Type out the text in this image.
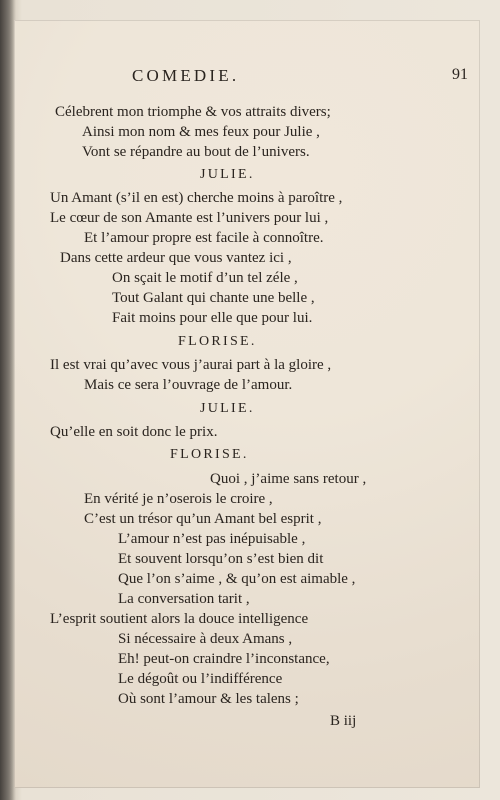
COMEDIE.	91
Célebrent mon triomphe & vos attraits divers;
Ainsi mon nom & mes feux pour Julie ,
Vont se répandre au bout de l’univers.
JULIE.
Un Amant (s’il en est) cherche moins à paroître ,
Le cœur de son Amante est l’univers pour lui ,
Et l’amour propre est facile à connoître.
Dans cette ardeur que vous vantez ici ,
On sçait le motif d’un tel zéle ,
Tout Galant qui chante une belle ,
Fait moins pour elle que pour lui.
FLORISE.
Il est vrai qu’avec vous j’aurai part à la gloire ,
Mais ce sera l’ouvrage de l’amour.
JULIE.
Qu’elle en soit donc le prix.
FLORISE.
Quoi , j’aime sans retour ,
En vérité je n’oserois le croire ,
C’est un trésor qu’un Amant bel esprit ,
L’amour n’est pas inépuisable ,
Et souvent lorsqu’on s’est bien dit
Que l’on s’aime , & qu’on est aimable ,
La conversation tarit ,
L’esprit soutient alors la douce intelligence
Si nécessaire à deux Amans ,
Eh! peut-on craindre l’inconstance,
Le dégoût ou l’indifférence
Où sont l’amour & les talens ;
B iij
